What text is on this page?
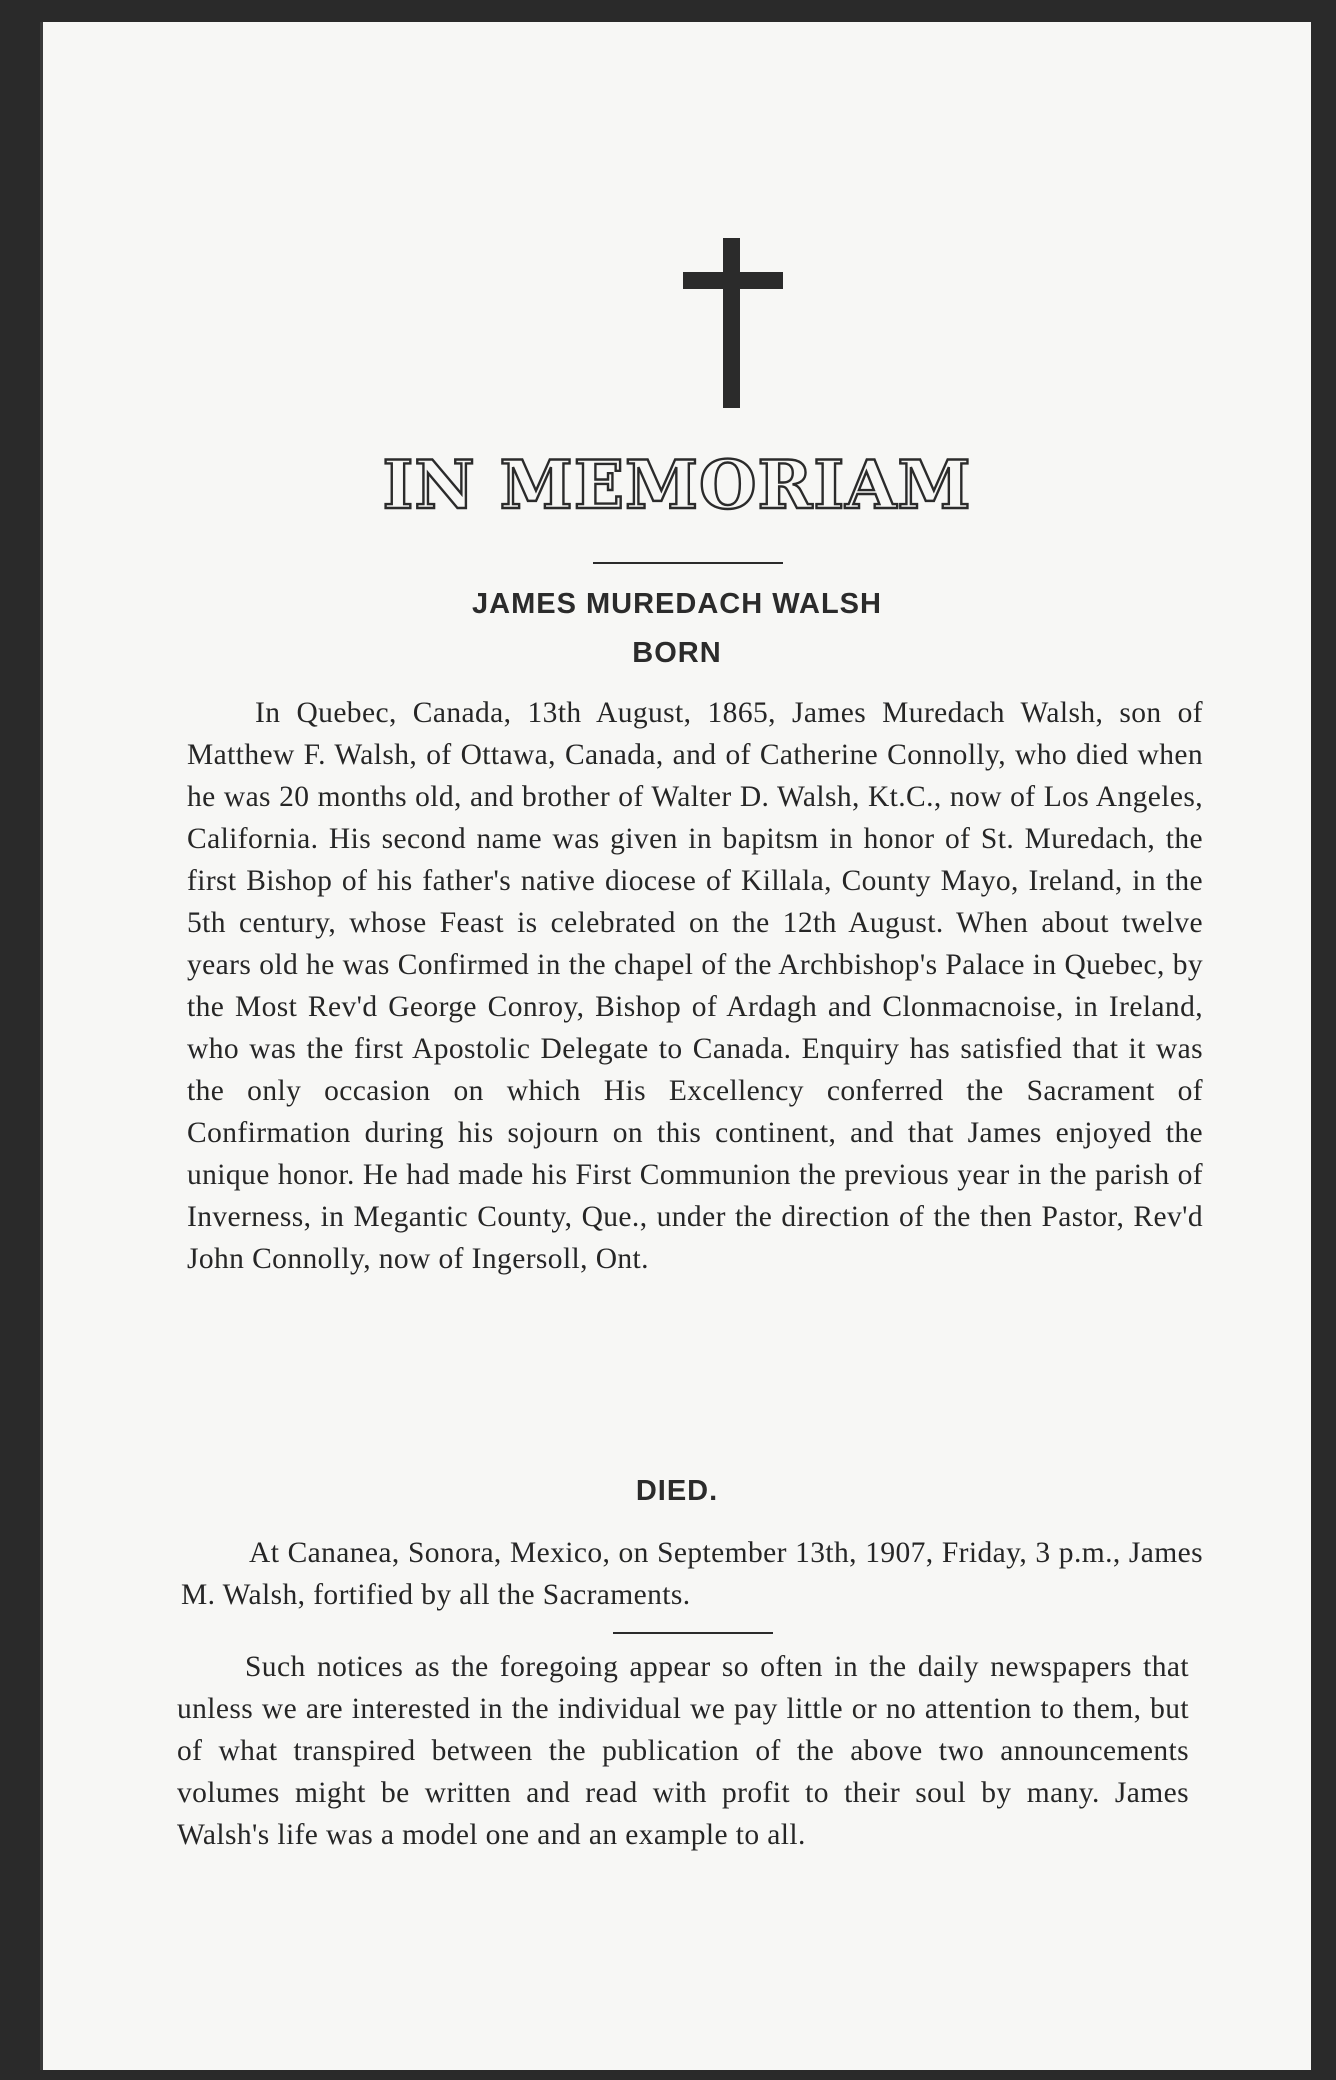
IN MEMORIAM
JAMES MUREDACH WALSH
BORN
In Quebec, Canada, 13th August, 1865, James Muredach Walsh, son of Matthew F. Walsh, of Ottawa, Canada, and of Catherine Connolly, who died when he was 20 months old, and brother of Walter D. Walsh, Kt.C., now of Los Angeles, California. His second name was given in bapitsm in honor of St. Muredach, the first Bishop of his father's native diocese of Killala, County Mayo, Ireland, in the 5th century, whose Feast is celebrated on the 12th August. When about twelve years old he was Confirmed in the chapel of the Archbishop's Palace in Quebec, by the Most Rev'd George Conroy, Bishop of Ardagh and Clonmacnoise, in Ireland, who was the first Apostolic Delegate to Canada. Enquiry has satisfied that it was the only occasion on which His Excellency conferred the Sacrament of Confirmation during his sojourn on this continent, and that James enjoyed the unique honor. He had made his First Communion the previous year in the parish of Inverness, in Megantic County, Que., under the direction of the then Pastor, Rev'd John Connolly, now of Ingersoll, Ont.
DIED.
At Cananea, Sonora, Mexico, on September 13th, 1907, Friday, 3 p.m., James M. Walsh, fortified by all the Sacraments.
Such notices as the foregoing appear so often in the daily newspapers that unless we are interested in the individual we pay little or no attention to them, but of what transpired between the publication of the above two announcements volumes might be written and read with profit to their soul by many. James Walsh's life was a model one and an example to all.
